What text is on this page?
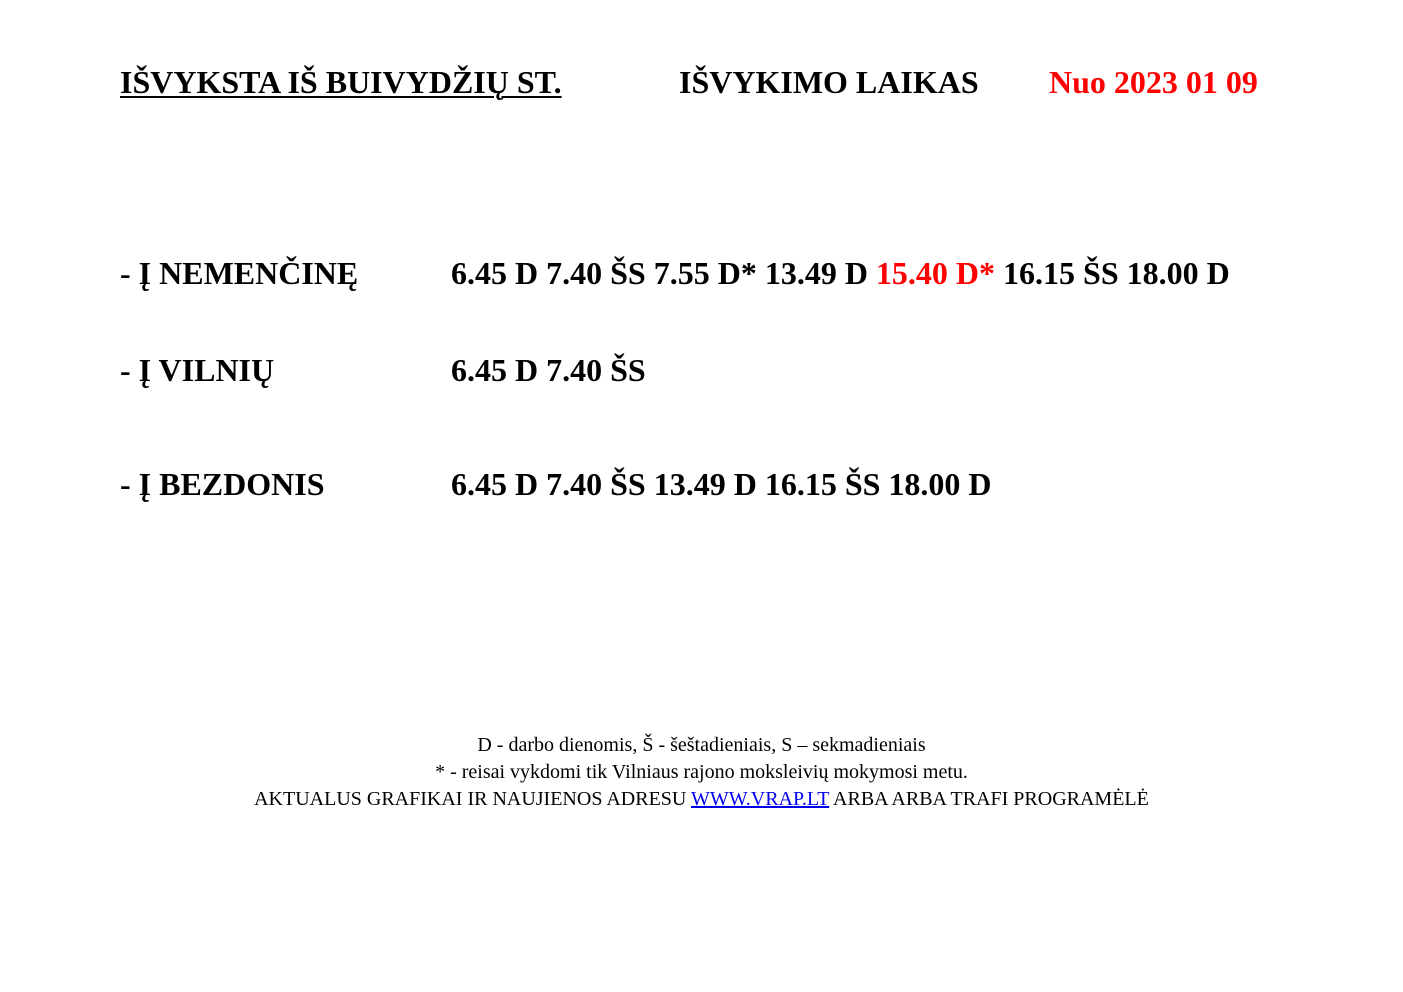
IŠVYKSTA IŠ BUIVYDŽIŲ ST.	IŠVYKIMO LAIKAS Nuo 2023 01 09
- Į NEMENČINĘ	6.45 D 7.40 ŠS 7.55 D* 13.49 D 15.40 D* 16.15 ŠS 18.00 D
- Į VILNIŲ	6.45 D 7.40 ŠS
- Į BEZDONIS	6.45 D 7.40 ŠS 13.49 D 16.15 ŠS 18.00 D
D - darbo dienomis, Š - šeštadieniais, S – sekmadieniais
* - reisai vykdomi tik Vilniaus rajono moksleivių mokymosi metu.
AKTUALUS GRAFIKAI IR NAUJIENOS ADRESU WWW.VRAP.LT ARBA ARBA TRAFI PROGRAMĖLĖ
